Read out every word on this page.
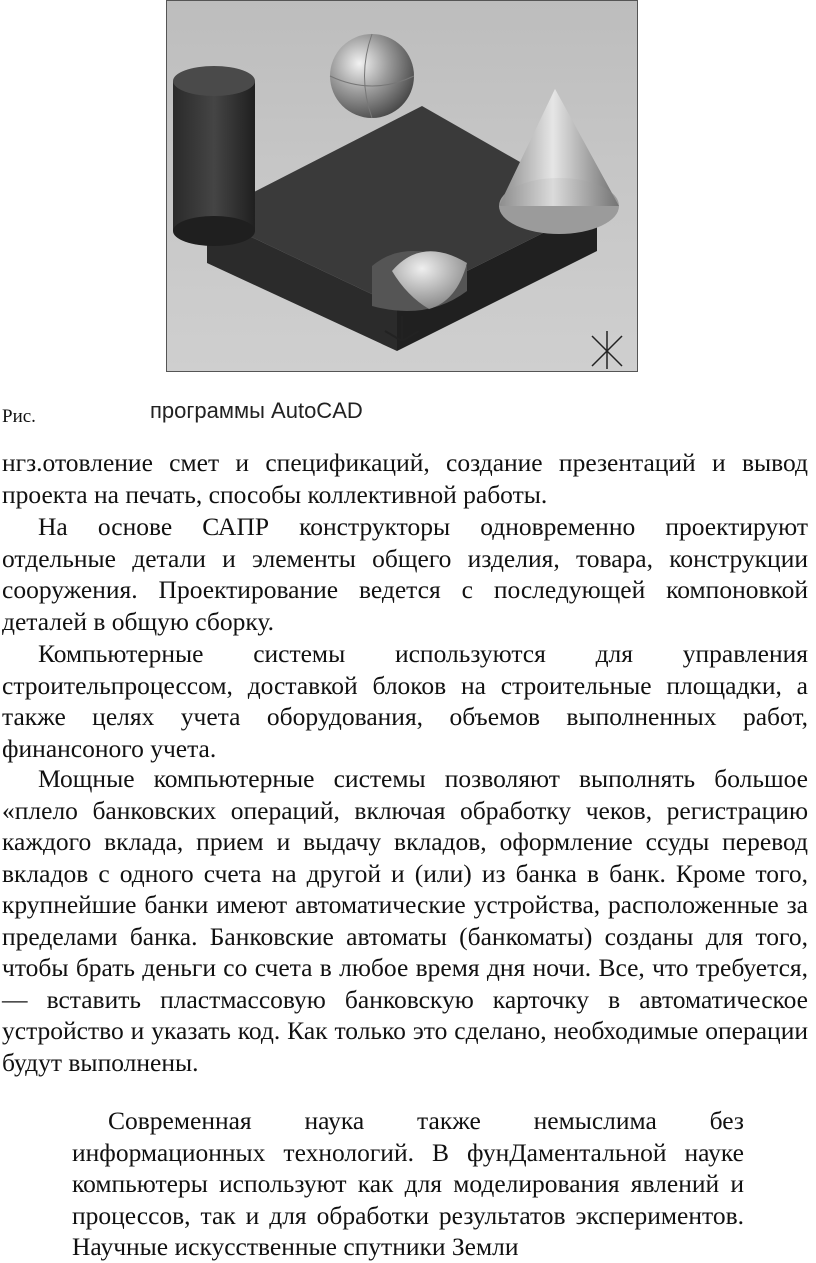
Рис.	программы AutoCAD

нгз.отовление смет и спецификаций, создание презентаций и вывод проекта на печать, способы коллективной работы.

На основе САПР конструкторы одновременно проектируют отдельные детали и элементы общего изделия, товара, конструкции сооружения. Проектирование ведется с последующей компоновкой деталей в общую сборку.

Компьютерные системы используются для управления строительпроцессом, доставкой блоков на строительные площадки, а также целях учета оборудования, объемов выполненных работ, финансоного учета.

Мощные компьютерные системы позволяют выполнять большое «плело банковских операций, включая обработку чеков, регистрацию каждого вклада, прием и выдачу вкладов, оформление ссуды перевод вкладов с одного счета на другой и (или) из банка в банк. Кроме того, крупнейшие банки имеют автоматические устройства, расположенные за пределами банка. Банковские автоматы (банкоматы) созданы для того, чтобы брать деньги со счета в любое время дня ночи. Все, что требуется, — вставить пластмассовую банковскую карточку в автоматическое устройство и указать код. Как только это сделано, необходимые операции будут выполнены.

Современная наука также немыслима без информационных технологий. В фунДаментальной науке компьютеры используют как для моделирования явлений и процессов, так и для обработки результатов экспериментов. Научные искусственные спутники Земли
